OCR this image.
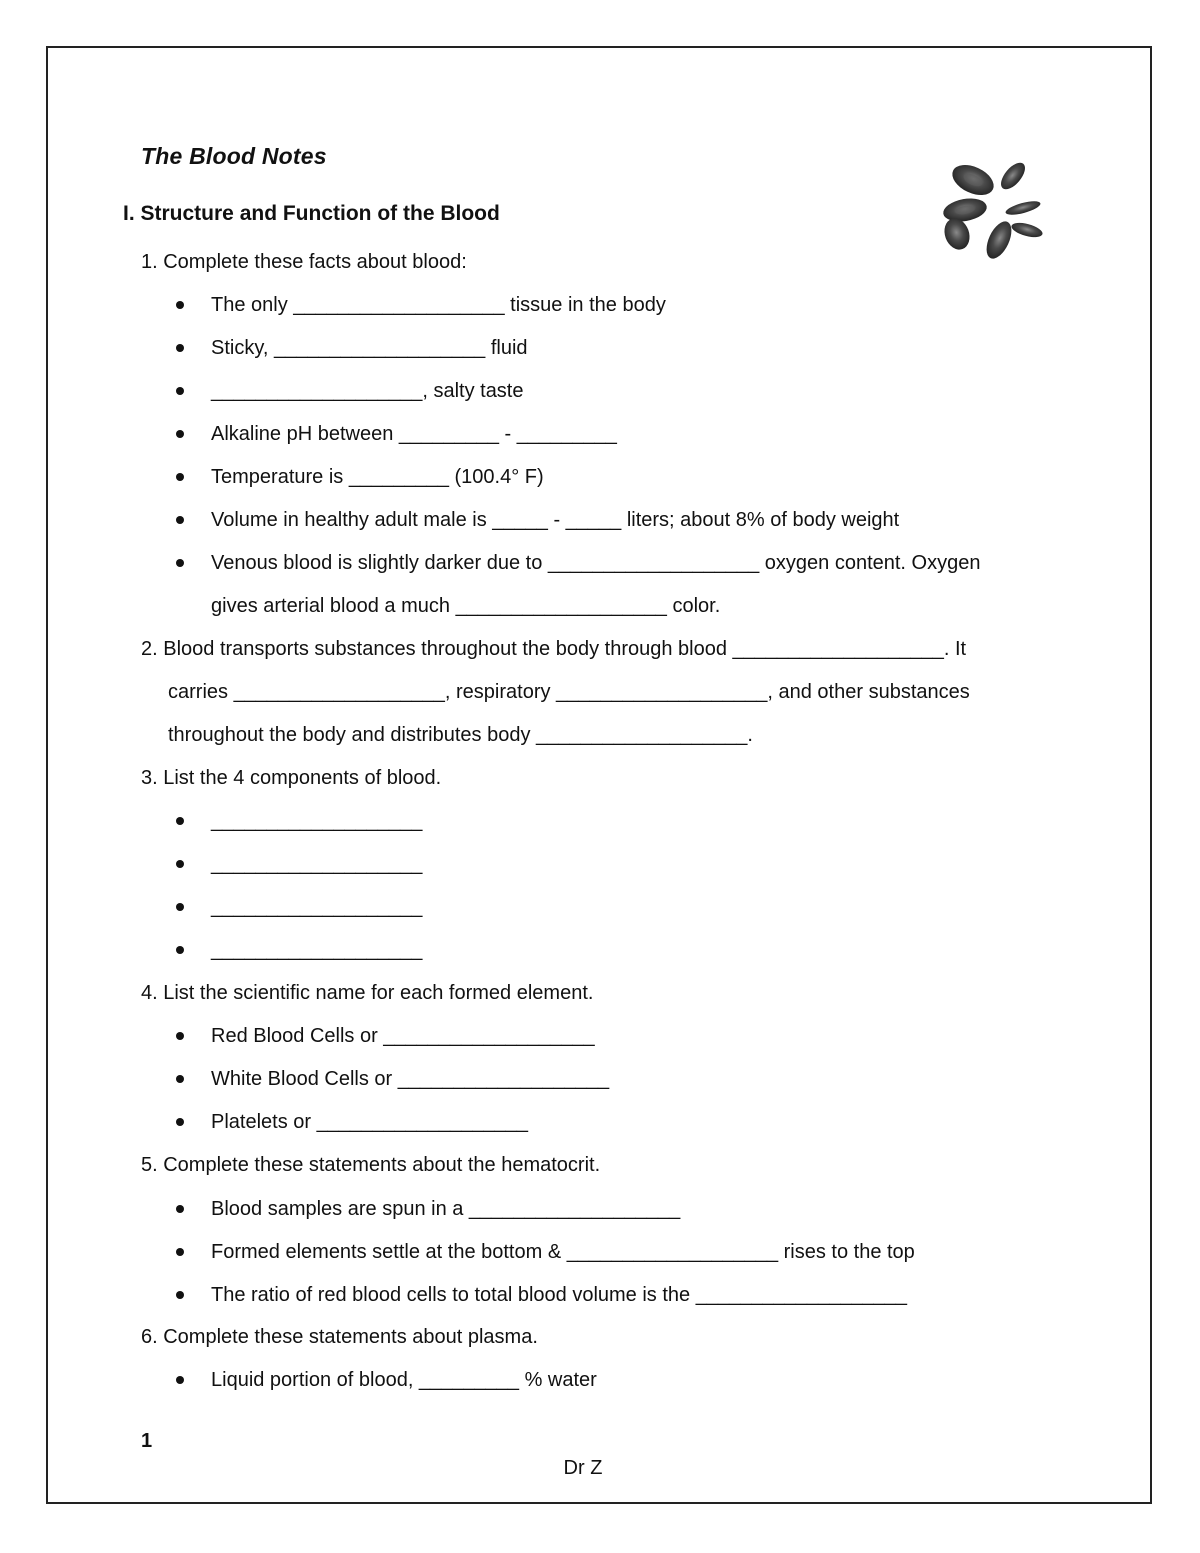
The Blood Notes
I. Structure and Function of the Blood
1. Complete these facts about blood:
The only ___________________ tissue in the body
Sticky, ___________________ fluid
___________________, salty taste
Alkaline pH between _________ - _________
Temperature is _________ (100.4° F)
Volume in healthy adult male is _____ - _____ liters; about 8% of body weight
Venous blood is slightly darker due to ___________________ oxygen content. Oxygen
gives arterial blood a much ___________________ color.
2. Blood transports substances throughout the body through blood ___________________. It
carries ___________________, respiratory ___________________, and other substances
throughout the body and distributes body ___________________.
3. List the 4 components of blood.
___________________
___________________
___________________
___________________
4. List the scientific name for each formed element.
Red Blood Cells or ___________________
White Blood Cells or ___________________
Platelets or ___________________
5. Complete these statements about the hematocrit.
Blood samples are spun in a ___________________
Formed elements settle at the bottom & ___________________ rises to the top
The ratio of red blood cells to total blood volume is the ___________________
6. Complete these statements about plasma.
Liquid portion of blood, _________ % water
1
Dr Z
